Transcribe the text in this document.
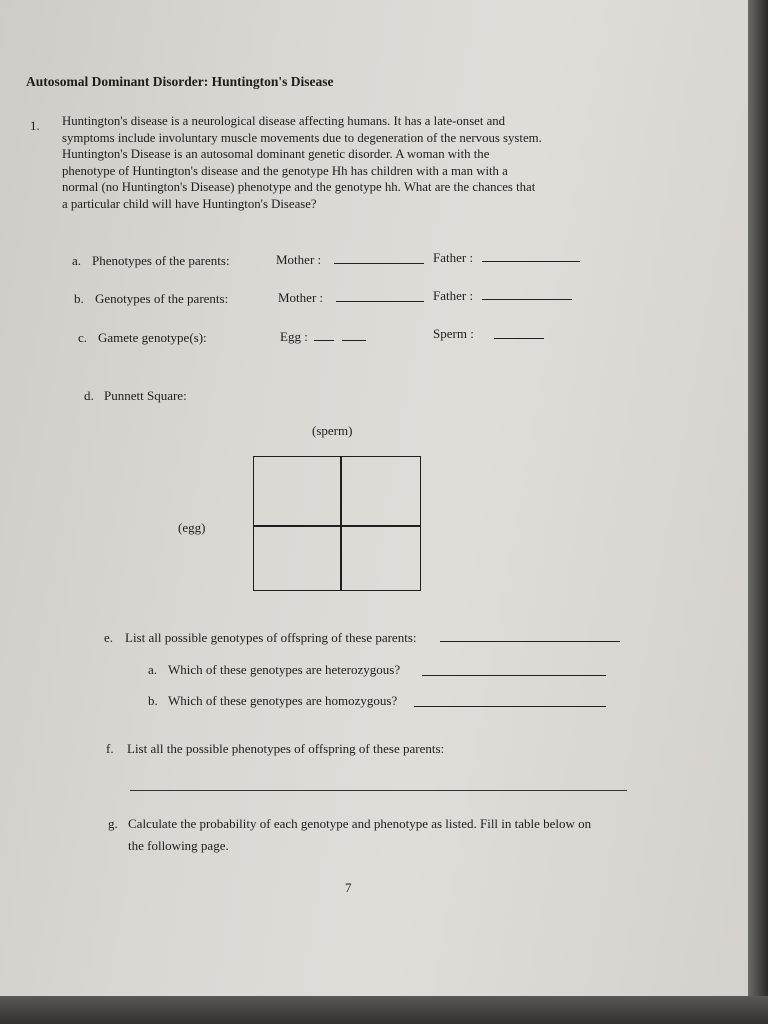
Autosomal Dominant Disorder: Huntington's Disease
1. Huntington's disease is a neurological disease affecting humans. It has a late-onset and
symptoms include involuntary muscle movements due to degeneration of the nervous system.
Huntington's Disease is an autosomal dominant genetic disorder. A woman with the
phenotype of Huntington's disease and the genotype Hh has children with a man with a
normal (no Huntington's Disease) phenotype and the genotype hh. What are the chances that
a particular child will have Huntington's Disease?
a. Phenotypes of the parents:	Mother :	Father :
b. Genotypes of the parents:	Mother :	Father :
c. Gamete genotype(s):	Egg :	Sperm :
d. Punnett Square:
(sperm)
(egg)
e. List all possible genotypes of offspring of these parents:
a. Which of these genotypes are heterozygous?
b. Which of these genotypes are homozygous?
f. List all the possible phenotypes of offspring of these parents:
g. Calculate the probability of each genotype and phenotype as listed. Fill in table below on
the following page.
7
